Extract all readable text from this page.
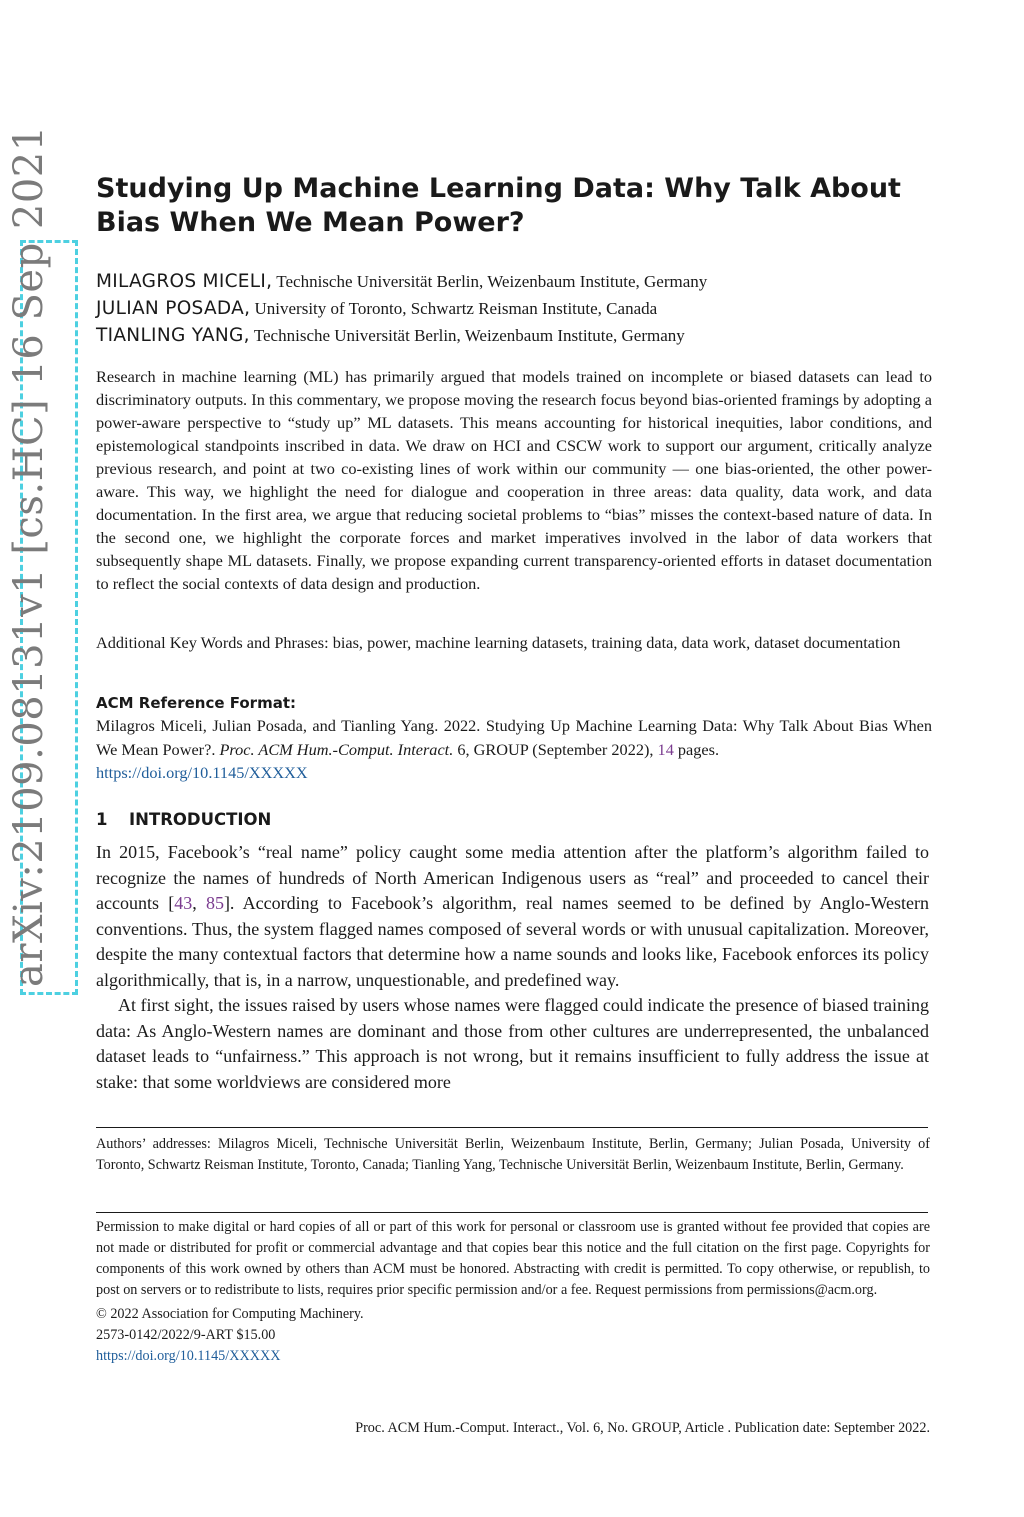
arXiv:2109.08131v1 [cs.HC] 16 Sep 2021 Studying Up Machine Learning Data: Why Talk About Bias When We Mean Power?
MILAGROS MICELI, Technische Universität Berlin, Weizenbaum Institute, Germany
JULIAN POSADA, University of Toronto, Schwartz Reisman Institute, Canada
TIANLING YANG, Technische Universität Berlin, Weizenbaum Institute, Germany
Research in machine learning (ML) has primarily argued that models trained on incomplete or biased datasets can lead to discriminatory outputs. In this commentary, we propose moving the research focus beyond bias-oriented framings by adopting a power-aware perspective to “study up” ML datasets. This means accounting for historical inequities, labor conditions, and epistemological standpoints inscribed in data. We draw on HCI and CSCW work to support our argument, critically analyze previous research, and point at two co-existing lines of work within our community — one bias-oriented, the other power-aware. This way, we highlight the need for dialogue and cooperation in three areas: data quality, data work, and data documentation. In the first area, we argue that reducing societal problems to “bias” misses the context-based nature of data. In the second one, we highlight the corporate forces and market imperatives involved in the labor of data workers that subsequently shape ML datasets. Finally, we propose expanding current transparency-oriented efforts in dataset documentation to reflect the social contexts of data design and production.
Additional Key Words and Phrases: bias, power, machine learning datasets, training data, data work, dataset documentation
ACM Reference Format:
Milagros Miceli, Julian Posada, and Tianling Yang. 2022. Studying Up Machine Learning Data: Why Talk About Bias When We Mean Power?. Proc. ACM Hum.-Comput. Interact. 6, GROUP (September 2022), 14 pages.
https://doi.org/10.1145/XXXXX
1 INTRODUCTION

In 2015, Facebook’s “real name” policy caught some media attention after the platform’s algorithm failed to recognize the names of hundreds of North American Indigenous users as “real” and proceeded to cancel their accounts [43, 85]. According to Facebook’s algorithm, real names seemed to be defined by Anglo-Western conventions. Thus, the system flagged names composed of several words or with unusual capitalization. Moreover, despite the many contextual factors that determine how a name sounds and looks like, Facebook enforces its policy algorithmically, that is, in a narrow, unquestionable, and predefined way.

At first sight, the issues raised by users whose names were flagged could indicate the presence of biased training data: As Anglo-Western names are dominant and those from other cultures are underrepresented, the unbalanced dataset leads to “unfairness.” This approach is not wrong, but it remains insufficient to fully address the issue at stake: that some worldviews are considered more

Authors’ addresses: Milagros Miceli, Technische Universität Berlin, Weizenbaum Institute, Berlin, Germany; Julian Posada, University of Toronto, Schwartz Reisman Institute, Toronto, Canada; Tianling Yang, Technische Universität Berlin, Weizenbaum Institute, Berlin, Germany.

Permission to make digital or hard copies of all or part of this work for personal or classroom use is granted without fee provided that copies are not made or distributed for profit or commercial advantage and that copies bear this notice and the full citation on the first page. Copyrights for components of this work owned by others than ACM must be honored. Abstracting with credit is permitted. To copy otherwise, or republish, to post on servers or to redistribute to lists, requires prior specific permission and/or a fee. Request permissions from permissions@acm.org.

© 2022 Association for Computing Machinery.

2573-0142/2022/9-ART $15.00

https://doi.org/10.1145/XXXXX

Proc. ACM Hum.-Comput. Interact., Vol. 6, No. GROUP, Article . Publication date: September 2022.
